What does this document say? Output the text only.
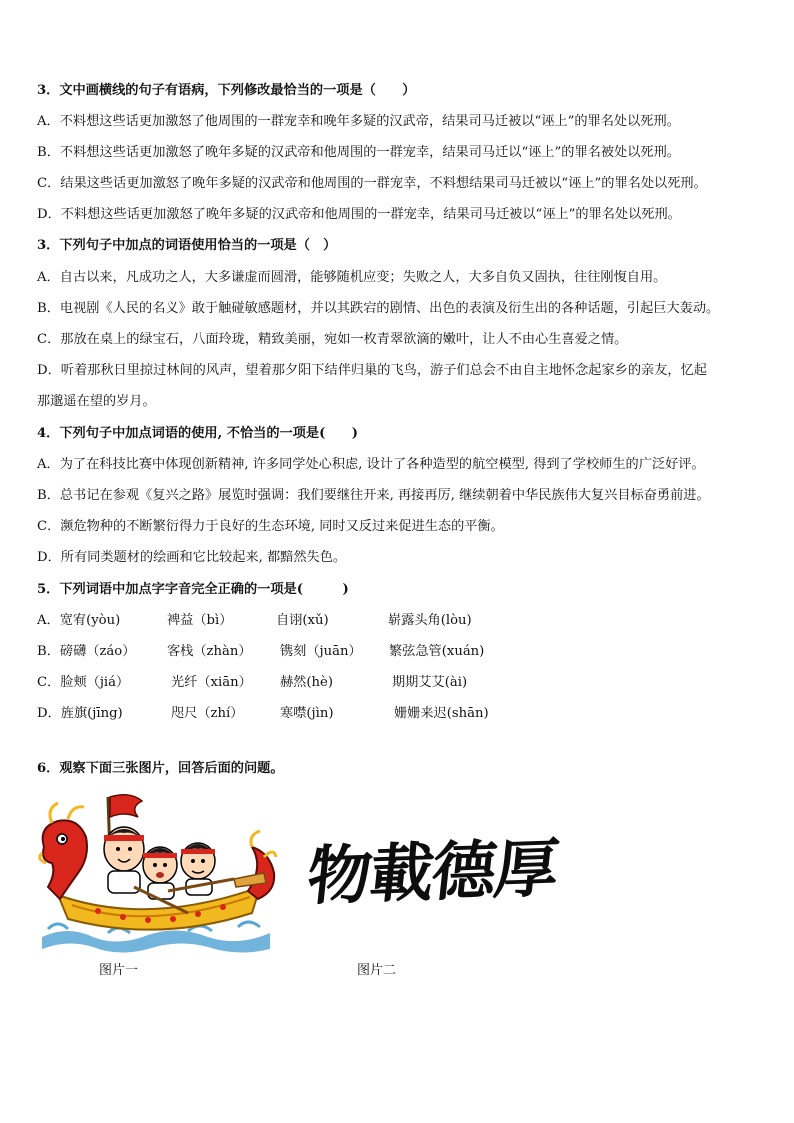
3．文中画横线的句子有语病，下列修改最恰当的一项是（　　）
A．不料想这些话更加激怒了他周围的一群宠幸和晚年多疑的汉武帝，结果司马迁被以“诬上”的罪名处以死刑。
B．不料想这些话更加激怒了晚年多疑的汉武帝和他周围的一群宠幸，结果司马迁以“诬上”的罪名被处以死刑。
C．结果这些话更加激怒了晚年多疑的汉武帝和他周围的一群宠幸，不料想结果司马迁被以“诬上”的罪名处以死刑。
D．不料想这些话更加激怒了晚年多疑的汉武帝和他周围的一群宠幸，结果司马迁被以“诬上”的罪名处以死刑。
3．下列句子中加点的词语使用恰当的一项是（　）
A．自古以来，凡成功之人，大多谦虚而圆滑，能够随机应变；失败之人，大多自负又固执，往往刚愎自用。
B．电视剧《人民的名义》敢于触碰敏感题材，并以其跌宕的剧情、出色的表演及衍生出的各种话题，引起巨大轰动。
C．那放在桌上的绿宝石，八面玲珑，精致美丽，宛如一枚青翠欲滴的嫩叶，让人不由心生喜爱之情。
D．听着那秋日里掠过林间的风声，望着那夕阳下结伴归巢的飞鸟，游子们总会不由自主地怀念起家乡的亲友，忆起
那邈遥在望的岁月。
4．下列句子中加点词语的使用, 不恰当的一项是(　　)
A．为了在科技比赛中体现创新精神, 许多同学处心积虑, 设计了各种造型的航空模型, 得到了学校师生的广泛好评。
B．总书记在参观《复兴之路》展览时强调：我们要继往开来, 再接再厉, 继续朝着中华民族伟大复兴目标奋勇前进。
C．濒危物种的不断繁衍得力于良好的生态环境, 同时又反过来促进生态的平衡。
D．所有同类题材的绘画和它比较起来, 都黯然失色。
5．下列词语中加点字字音完全正确的一项是(　　　)
A．宽宥(yòu)	裨益（bì）	自诩(xǔ)	崭露头角(lòu)
B．磅礴（záo） 客栈（zhàn） 镌刻（juān） 繁弦急管(xuán)
C．脸颊（jiá）	光纤（xiān） 赫然(hè)	期期艾艾(ài)
D．旌旗(jīng)	咫尺（zhí）	寒噤(jìn)	姗姗来迟(shān)
6．观察下面三张图片，回答后面的问题。
物載德厚
图片一	图片二
